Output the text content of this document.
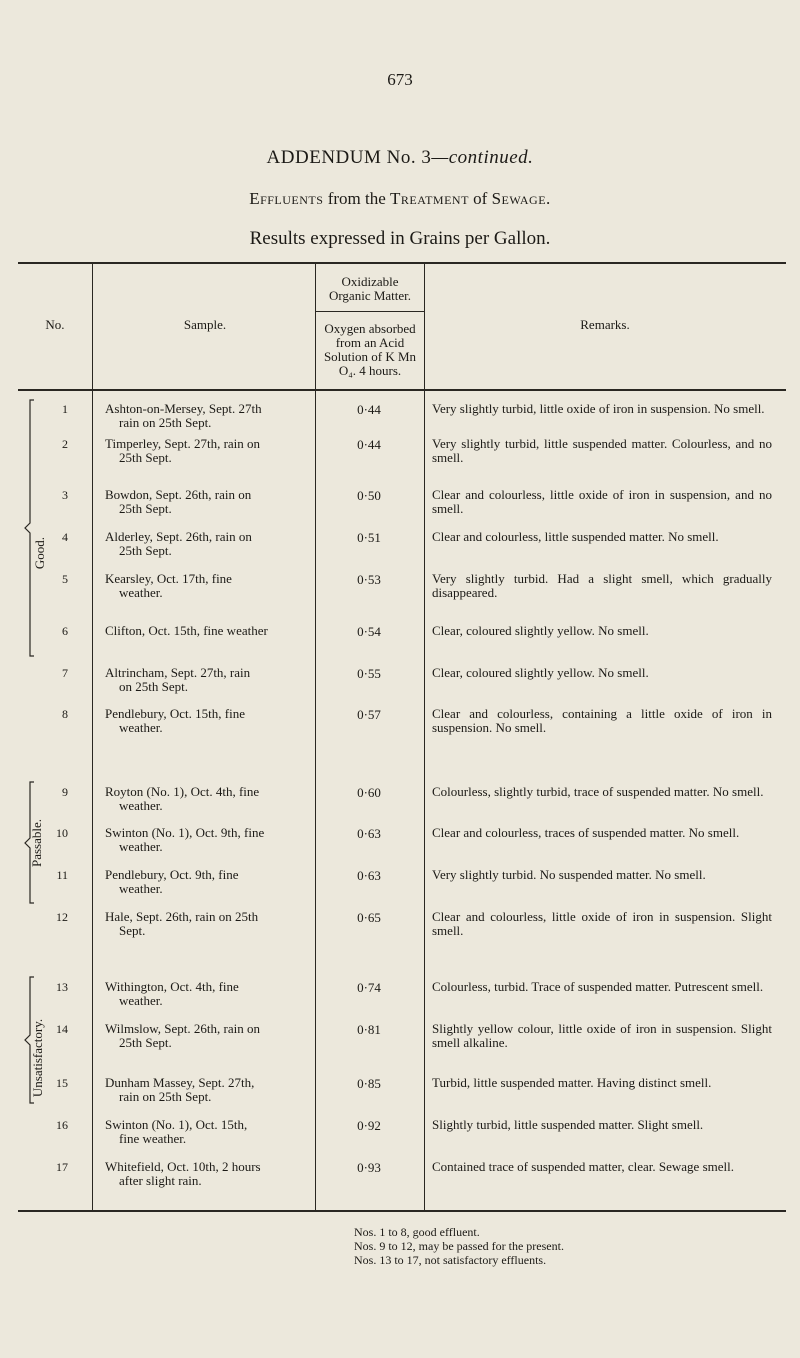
673
ADDENDUM No. 3—continued.
Effluents from the Treatment of Sewage.
Results expressed in Grains per Gallon.
No.	Sample.
Oxidizable Organic Matter.
Oxygen absorbed from an Acid Solution of K Mn O₄. 4 hours.
Remarks.
Good.
Passable.
Unsatisfactory.
1	Ashton-on-Mersey, Sept. 27th
rain on 25th Sept.
0·44	Very slightly turbid, little oxide of iron in suspension. No smell.
2	Timperley, Sept. 27th, rain on
25th Sept.
0·44	Very slightly turbid, little suspended matter. Colourless, and no smell.
3	Bowdon, Sept. 26th, rain on
25th Sept.
0·50	Clear and colourless, little oxide of iron in suspension, and no smell.
4	Alderley, Sept. 26th, rain on
25th Sept.
0·51	Clear and colourless, little suspended matter. No smell.
5	Kearsley, Oct. 17th, fine
weather.
0·53	Very slightly turbid. Had a slight smell, which gradually disappeared.
6	Clifton, Oct. 15th, fine weather	0·54	Clear, coloured slightly yellow. No smell.
7	Altrincham, Sept. 27th, rain
on 25th Sept.
0·55	Clear, coloured slightly yellow. No smell.
8	Pendlebury, Oct. 15th, fine
weather.
0·57	Clear and colourless, containing a little oxide of iron in suspension. No smell.
9	Royton (No. 1), Oct. 4th, fine
weather.
0·60	Colourless, slightly turbid, trace of suspended matter. No smell.
10	Swinton (No. 1), Oct. 9th, fine
weather.
0·63	Clear and colourless, traces of suspended matter. No smell.
11	Pendlebury, Oct. 9th, fine
weather.
0·63	Very slightly turbid. No suspended matter. No smell.
12	Hale, Sept. 26th, rain on 25th
Sept.
0·65	Clear and colourless, little oxide of iron in suspension. Slight smell.
13	Withington, Oct. 4th, fine
weather.
0·74	Colourless, turbid. Trace of suspended matter. Putrescent smell.
14	Wilmslow, Sept. 26th, rain on
25th Sept.
0·81	Slightly yellow colour, little oxide of iron in suspension. Slight smell alkaline.
15	Dunham Massey, Sept. 27th,
rain on 25th Sept.
0·85	Turbid, little suspended matter. Having distinct smell.
16	Swinton (No. 1), Oct. 15th,
fine weather.
0·92	Slightly turbid, little suspended matter. Slight smell.
17	Whitefield, Oct. 10th, 2 hours
after slight rain.
0·93	Contained trace of suspended matter, clear. Sewage smell.
Nos. 1 to 8, good effluent.
Nos. 9 to 12, may be passed for the present.
Nos. 13 to 17, not satisfactory effluents.
